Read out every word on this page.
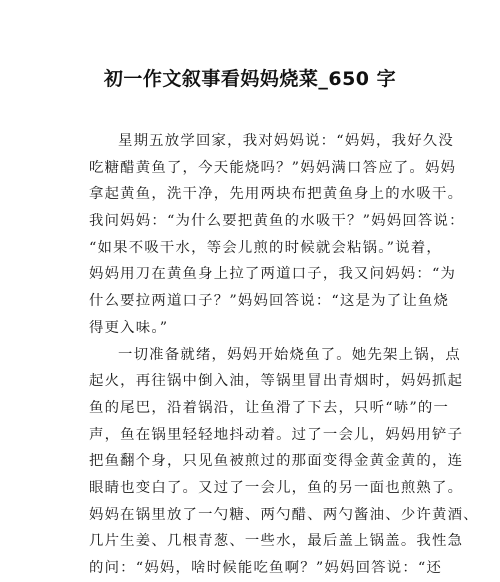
初一作文叙事看妈妈烧菜_650 字
星期五放学回家，我对妈妈说：“妈妈，我好久没
吃糖醋黄鱼了，今天能烧吗？”妈妈满口答应了。妈妈
拿起黄鱼，洗干净，先用两块布把黄鱼身上的水吸干。
我问妈妈：“为什么要把黄鱼的水吸干？”妈妈回答说：
“如果不吸干水，等会儿煎的时候就会粘锅。”说着，
妈妈用刀在黄鱼身上拉了两道口子，我又问妈妈：“为
什么要拉两道口子？”妈妈回答说：“这是为了让鱼烧
得更入味。”
一切准备就绪，妈妈开始烧鱼了。她先架上锅，点
起火，再往锅中倒入油，等锅里冒出青烟时，妈妈抓起
鱼的尾巴，沿着锅沿，让鱼滑了下去，只听“哧”的一
声，鱼在锅里轻轻地抖动着。过了一会儿，妈妈用铲子
把鱼翻个身，只见鱼被煎过的那面变得金黄金黄的，连
眼睛也变白了。又过了一会儿，鱼的另一面也煎熟了。
妈妈在锅里放了一勺糖、两勺醋、两勺酱油、少许黄酒、
几片生姜、几根青葱、一些水，最后盖上锅盖。我性急
的问：“妈妈，啥时候能吃鱼啊？”妈妈回答说：“还
